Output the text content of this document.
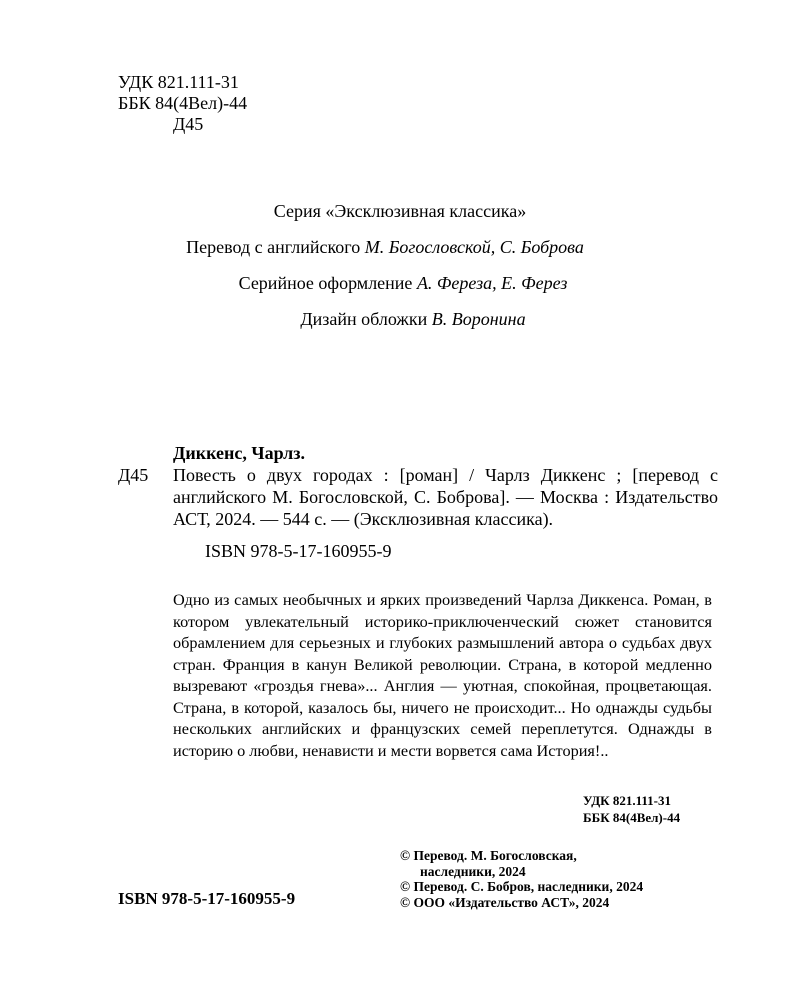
УДК 821.111-31
ББК 84(4Вел)-44
Д45
Серия «Эксклюзивная классика»
Перевод с английского М. Богословской, С. Боброва
Серийное оформление А. Фереза, Е. Ферез
Дизайн обложки В. Воронина
Диккенс, Чарлз.
Д45 Повесть о двух городах : [роман] / Чарлз Диккенс ; [перевод с английского М. Богословской, С. Боброва]. — Москва : Издательство АСТ, 2024. — 544 с. — (Эксклюзивная классика).
ISBN 978-5-17-160955-9
Одно из самых необычных и ярких произведений Чарлза Диккенса. Роман, в котором увлекательный историко-приключенческий сюжет становится обрамлением для серьезных и глубоких размышлений автора о судьбах двух стран. Франция в канун Великой революции. Страна, в которой медленно вызревают «гроздья гнева»... Англия — уютная, спокойная, процветающая. Страна, в которой, казалось бы, ничего не происходит... Но однажды судьбы нескольких английских и французских семей переплетутся. Однажды в историю о любви, ненависти и мести ворвется сама История!..
УДК 821.111-31
ББК 84(4Вел)-44
© Перевод. М. Богословская,
наследники, 2024
© Перевод. С. Бобров, наследники, 2024
© ООО «Издательство АСТ», 2024
ISBN 978-5-17-160955-9
